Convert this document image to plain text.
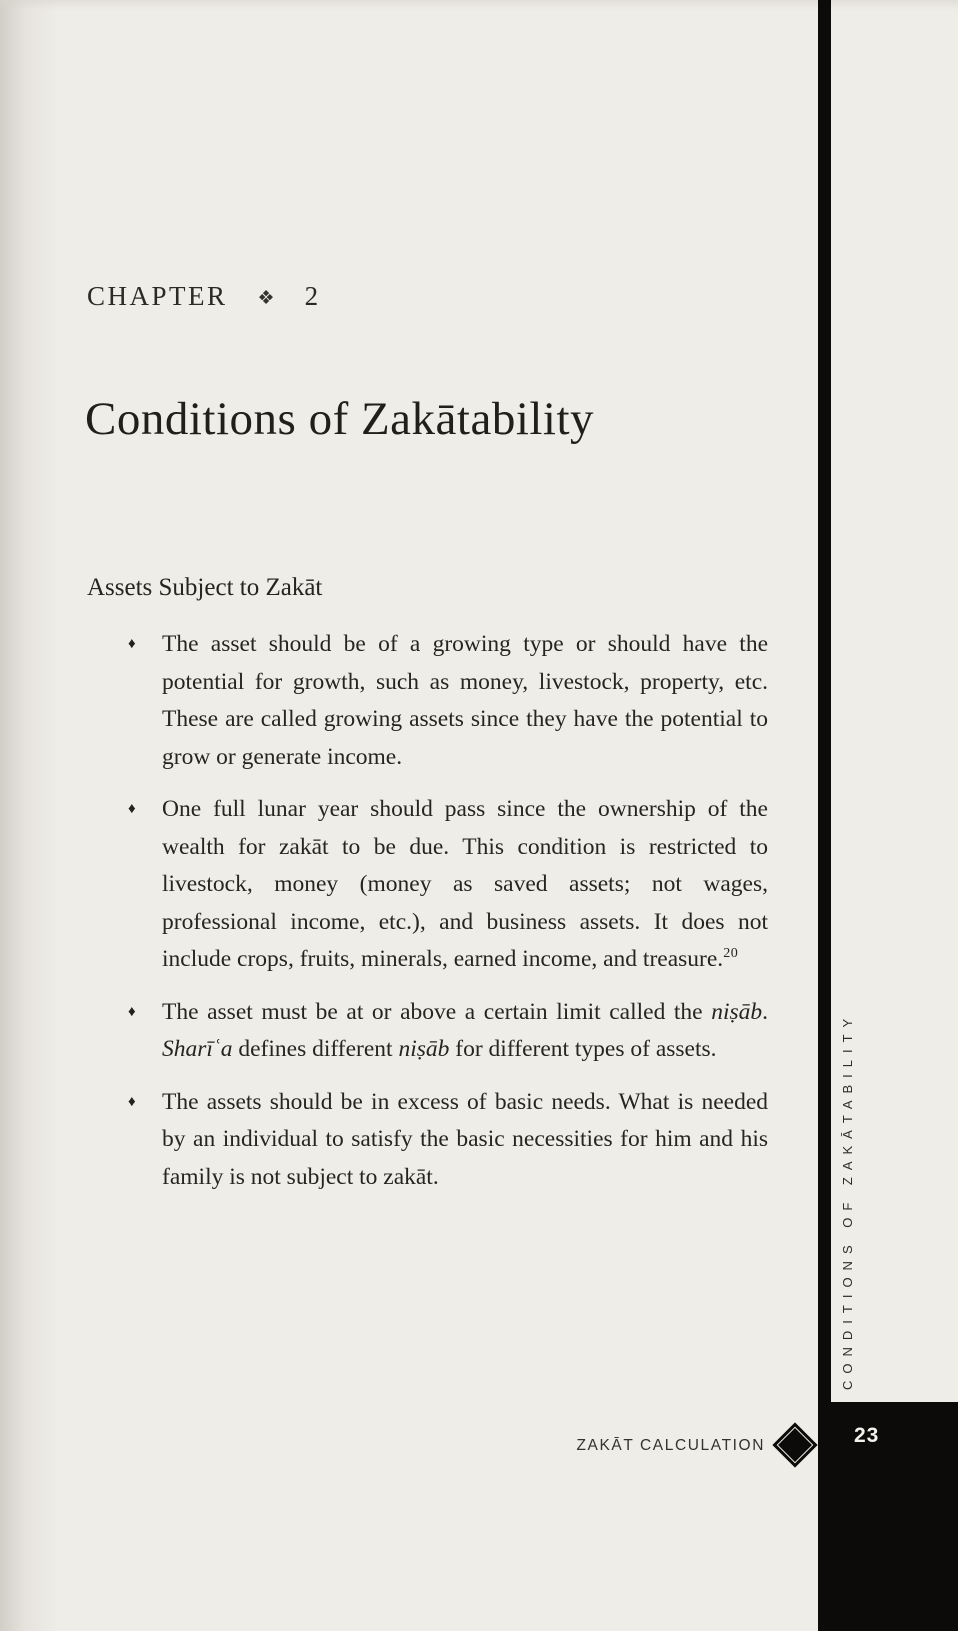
CHAPTER ❖ 2
Conditions of Zakātability
Assets Subject to Zakāt
♦	The asset should be of a growing type or should have the potential for growth, such as money, livestock, property, etc. These are called growing assets since they have the potential to grow or generate income.

♦	One full lunar year should pass since the ownership of the wealth for zakāt to be due. This condition is restricted to livestock, money (money as saved assets; not wages, professional income, etc.), and business assets. It does not include crops, fruits, minerals, earned income, and treasure.$^{20}$

♦	The asset must be at or above a certain limit called the niṣāb. Sharīʿa defines different niṣāb for different types of assets.

♦	The assets should be in excess of basic needs. What is needed by an individual to satisfy the basic necessities for him and his family is not subject to zakāt.	CONDITIONS OF ZAKĀTABILITY
ZAKĀT CALCULATION	23
